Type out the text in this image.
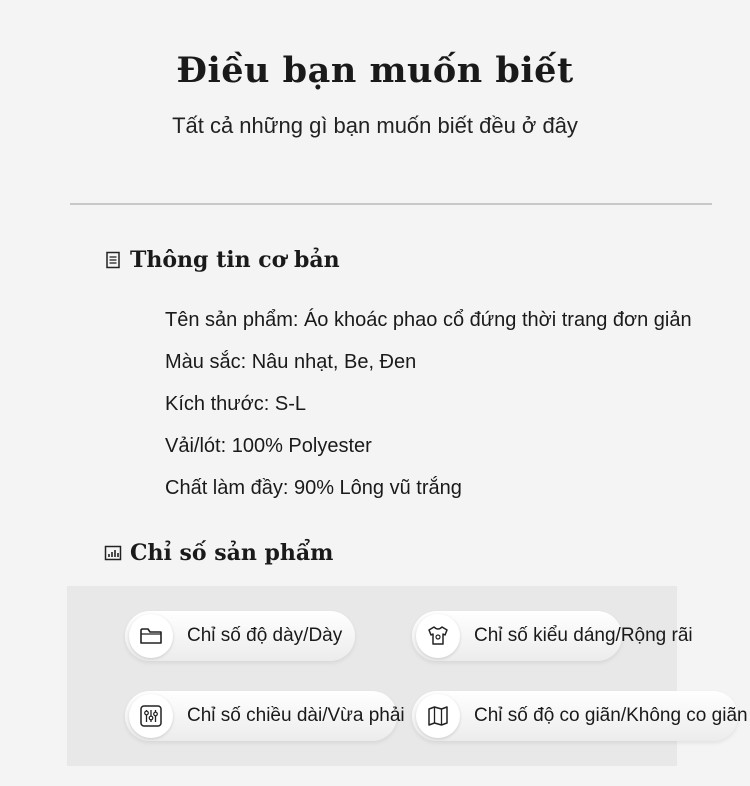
Điều bạn muốn biết
Tất cả những gì bạn muốn biết đều ở đây
Thông tin cơ bản
Tên sản phẩm: Áo khoác phao cổ đứng thời trang đơn giản
Màu sắc: Nâu nhạt, Be, Đen
Kích thước: S-L
Vải/lót: 100% Polyester
Chất làm đầy: 90% Lông vũ trắng
Chỉ số sản phẩm
Chỉ số độ dày/Dày	Chỉ số kiểu dáng/Rộng rãi
Chỉ số chiều dài/Vừa phải	Chỉ số độ co giãn/Không co giãn
